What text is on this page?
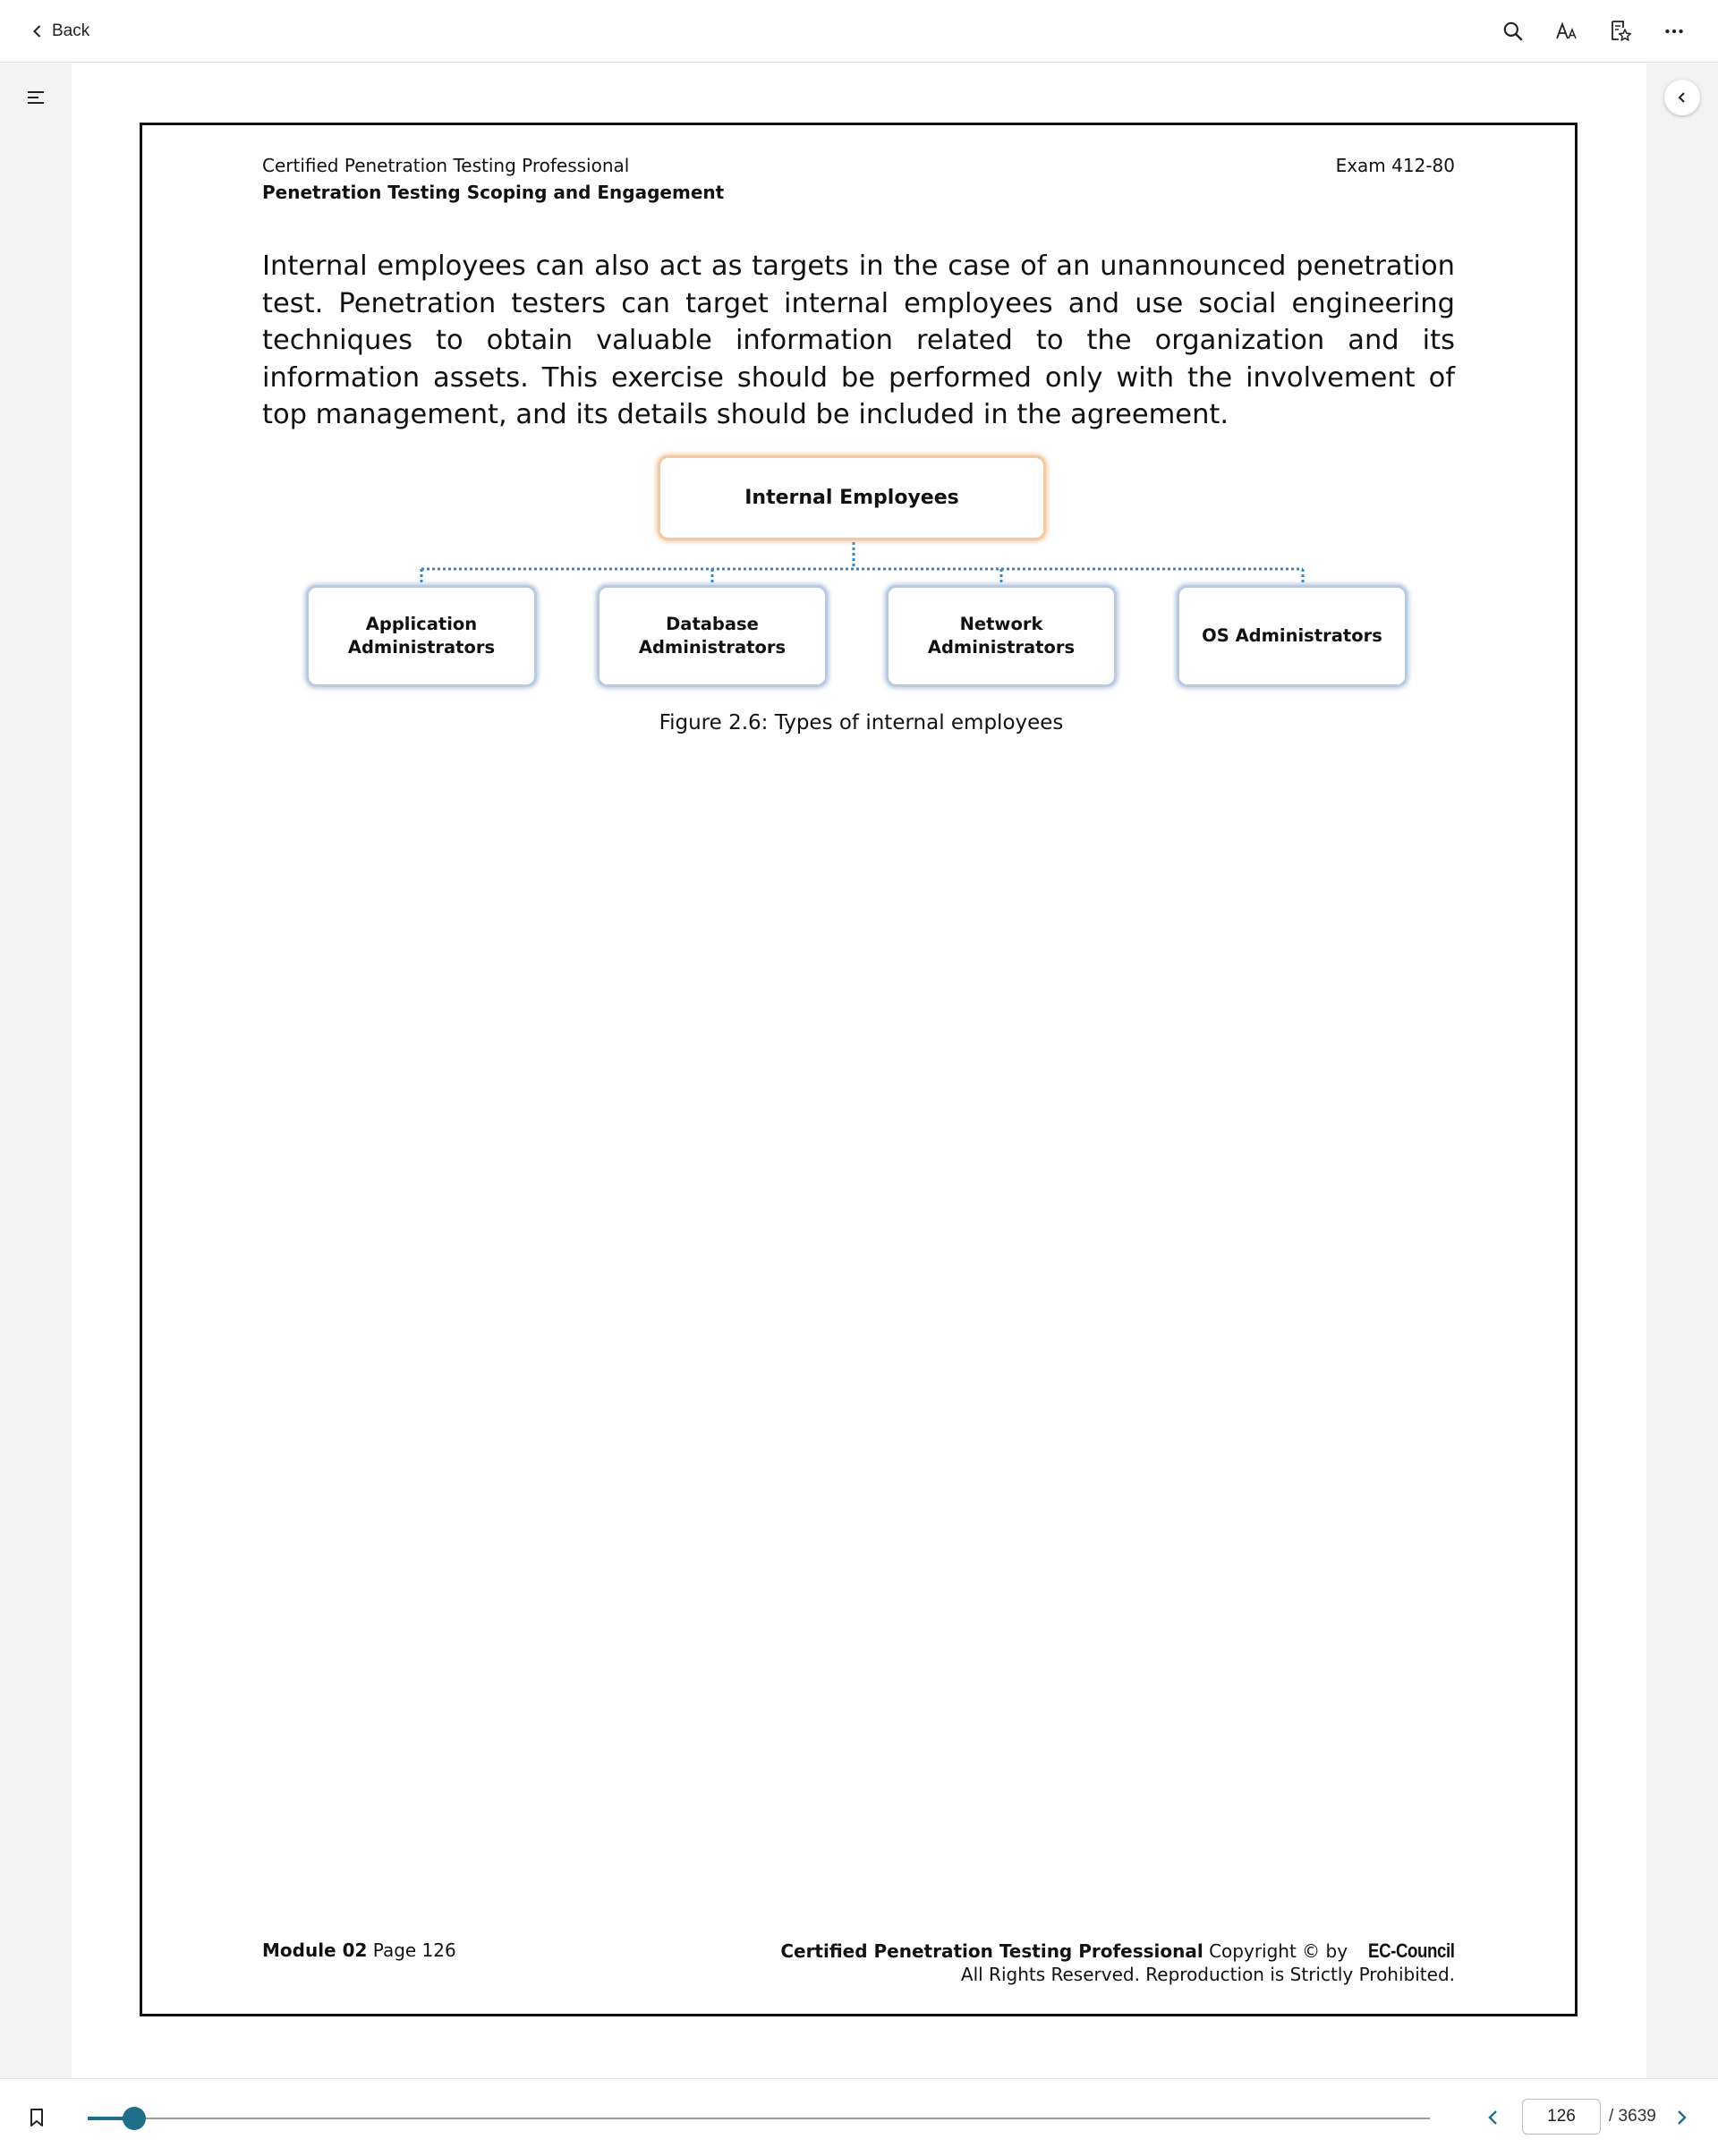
Back
Certified Penetration Testing Professional
Penetration Testing Scoping and Engagement
Exam 412-80
Internal employees can also act as targets in the case of an unannounced penetration test. Penetration testers can target internal employees and use social engineering techniques to obtain valuable information related to the organization and its information assets. This exercise should be performed only with the involvement of top management, and its details should be included in the agreement.
Internal Employees
Application Administrators
Database Administrators
Network Administrators
OS Administrators
Figure 2.6: Types of internal employees
Module 02 Page 126	Certified Penetration Testing Professional Copyright © by EC-Council
All Rights Reserved. Reproduction is Strictly Prohibited.
126
/ 3639
